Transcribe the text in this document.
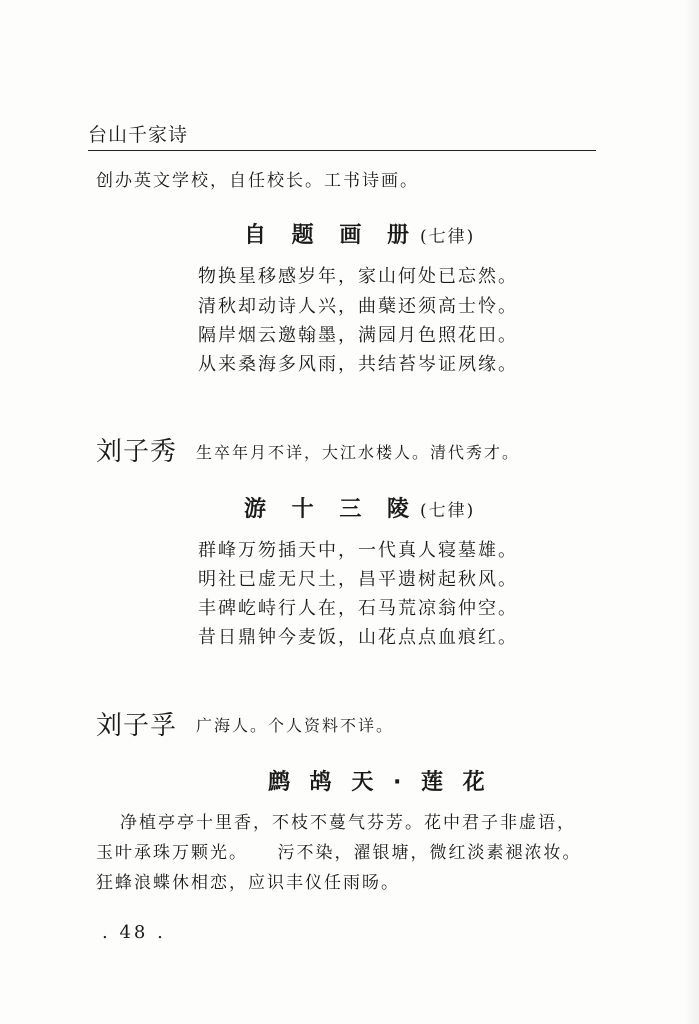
台山千家诗
创办英文学校，自任校长。工书诗画。
自 题 画 册 (七律)
物换星移感岁年，家山何处已忘然。
清秋却动诗人兴，曲蘖还须高士怜。
隔岸烟云邀翰墨，满园月色照花田。
从来桑海多风雨，共结苔岑证夙缘。
刘子秀 生卒年月不详，大江水楼人。清代秀才。
游 十 三 陵 (七律)
群峰万笏插天中，一代真人寝墓雄。
明社已虚无尺土，昌平遗树起秋风。
丰碑屹峙行人在，石马荒凉翁仲空。
昔日鼎钟今麦饭，山花点点血痕红。
刘子孚 广海人。个人资料不详。
鹧 鸪 天 · 莲 花
净植亭亭十里香，不枝不蔓气芬芳。花中君子非虚语，
玉叶承珠万颗光。　　污不染，濯银塘，微红淡素褪浓妆。
狂蜂浪蝶休相恋，应识丰仪任雨旸。
. 48 .
